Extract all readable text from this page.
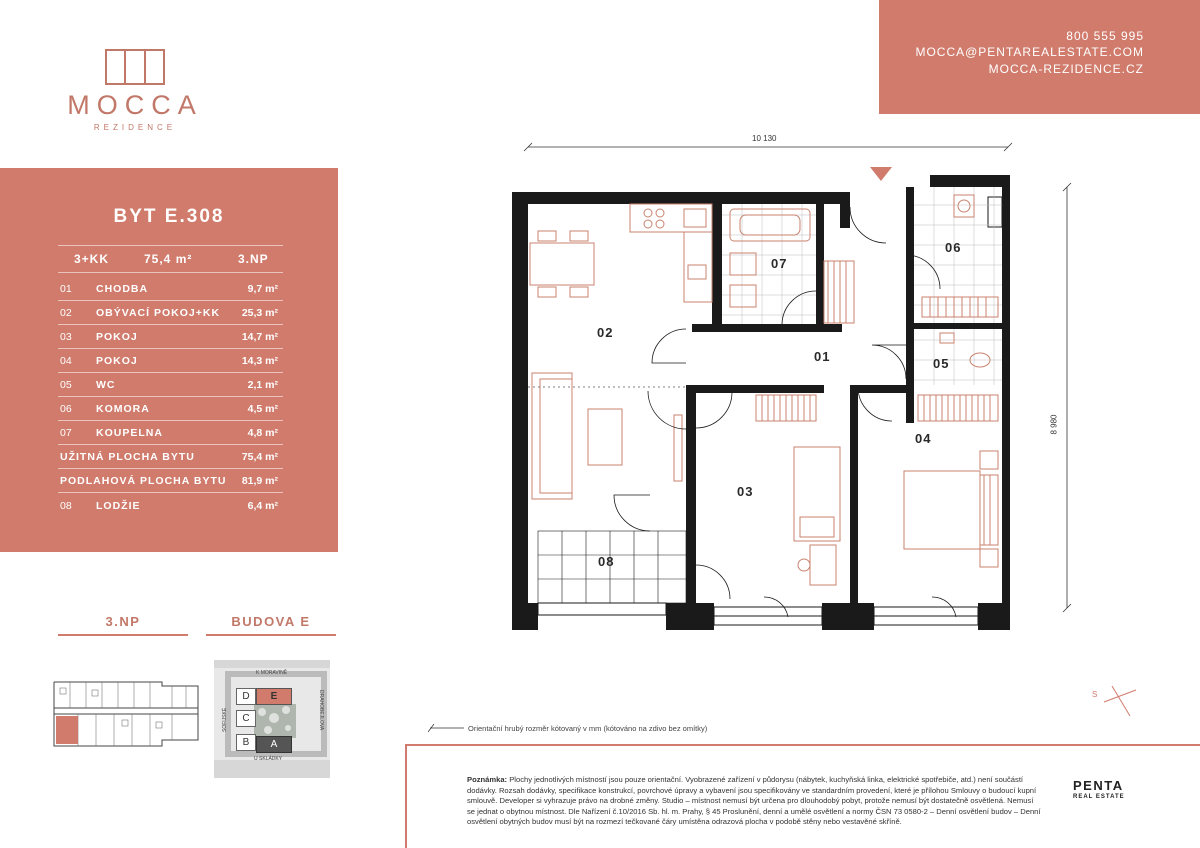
MOCCA
REZIDENCE
800 555 995
MOCCA@PENTAREALESTATE.COM
MOCCA-REZIDENCE.CZ
BYT E.308
3+KK	75,4 m²	3.NP
01 CHODBA	9,7 m²
02 OBÝVACÍ POKOJ+KK 25,3 m²
03 POKOJ	14,7 m²
04 POKOJ	14,3 m²
05 WC	2,1 m²
06 KOMORA	4,5 m²
07 KOUPELNA	4,8 m²
UŽITNÁ PLOCHA BYTU	75,4 m²
PODLAHOVÁ PLOCHA BYTU 81,9 m²
08 LODŽIE	6,4 m²
3.NP	BUDOVA E
D
C
B
E
A
K MORAVINĚ
SOFIJSKÉ	DRAHOBEJLOVA
U SKLÁDKY
10 130
8 980
01
02
03
04
05
06
07
08
S
Orientační hrubý rozměr kótovaný v mm (kótováno na zdivo bez omítky)
Poznámka: Plochy jednotlivých místností jsou pouze orientační. Vyobrazené zařízení v půdorysu (nábytek, kuchyňská linka, elektrické spotřebiče, atd.) není součástí dodávky. Rozsah dodávky, specifikace konstrukcí, povrchové úpravy a vybavení jsou specifikovány ve standardním provedení, které je přílohou Smlouvy o budoucí kupní smlouvě. Developer si vyhrazuje právo na drobné změny. Studio – místnost nemusí být určena pro dlouhodobý pobyt, protože nemusí být dostatečně osvětlená. Nemusí se jednat o obytnou místnost. Dle Nařízení č.10/2016 Sb. hl. m. Prahy, § 45 Proslunění, denní a umělé osvětlení a normy ČSN 73 0580-2 – Denní osvětlení budov – Denní osvětlení obytných budov musí být na rozmezí tečkované čáry umístěna odrazová plocha v podobě stěny nebo vestavěné skříně.
PENTA
REAL ESTATE
